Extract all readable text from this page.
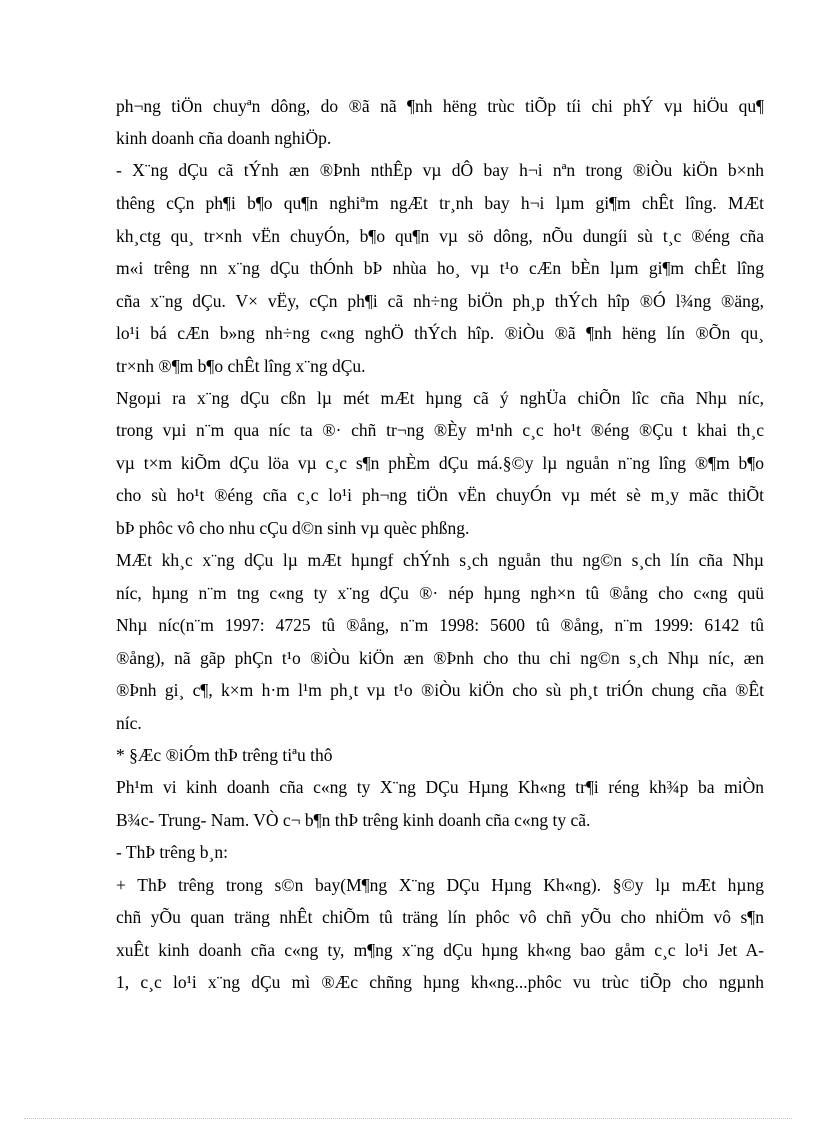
ph¬ng tiÖn chuyªn dông, do ®ã nã ¶nh hëng trùc tiÕp tíi chi phÝ vµ hiÖu qu¶
kinh doanh cña doanh nghiÖp.
- X¨ng dÇu cã tÝnh æn ®Þnh nthÊp vµ dÔ bay h¬i nªn trong ®iÒu kiÖn b×nh
thêng cÇn ph¶i b¶o qu¶n nghiªm ngÆt tr¸nh bay h¬i lµm gi¶m chÊt lîng. MÆt
kh¸ctg qu¸ tr×nh vËn chuyÓn, b¶o qu¶n vµ sö dông, nÕu dungíi sù t¸c ®éng cña
m«i trêng nn x¨ng dÇu thÓnh bÞ nhùa ho¸ vµ t¹o cÆn bÈn lµm gi¶m chÊt lîng
cña x¨ng dÇu. V× vËy, cÇn ph¶i cã nh÷ng biÖn ph¸p thÝch hîp ®Ó l¾ng ®äng,
lo¹i bá cÆn b»ng nh÷ng c«ng nghÖ thÝch hîp. ®iÒu ®ã ¶nh hëng lín ®Õn qu¸
tr×nh ®¶m b¶o chÊt lîng x¨ng dÇu.
Ngoµi ra x¨ng dÇu cßn lµ mét mÆt hµng cã ý nghÜa chiÕn lîc cña Nhµ níc,
trong vµi n¨m qua níc ta ®· chñ tr¬ng ®Èy m¹nh c¸c ho¹t ®éng ®Çu t khai th¸c
vµ t×m kiÕm dÇu löa vµ c¸c s¶n phÈm dÇu má.§©y lµ nguån n¨ng lîng ®¶m b¶o
cho sù ho¹t ®éng cña c¸c lo¹i ph¬ng tiÖn vËn chuyÓn vµ mét sè m¸y mãc thiÕt
bÞ phôc vô cho nhu cÇu d©n sinh vµ quèc phßng.
MÆt kh¸c x¨ng dÇu lµ mÆt hµngf chÝnh s¸ch nguån thu ng©n s¸ch lín cña Nhµ
níc, hµng n¨m tng c«ng ty x¨ng dÇu ®· nép hµng ngh×n tû ®ång cho c«ng quü
Nhµ níc(n¨m 1997: 4725 tû ®ång, n¨m 1998: 5600 tû ®ång, n¨m 1999: 6142 tû
®ång), nã gãp phÇn t¹o ®iÒu kiÖn æn ®Þnh cho thu chi ng©n s¸ch Nhµ níc, æn
®Þnh gi¸ c¶, k×m h·m l¹m ph¸t vµ t¹o ®iÒu kiÖn cho sù ph¸t triÓn chung cña ®Êt
níc.
* §Æc ®iÓm thÞ trêng tiªu thô
Ph¹m vi kinh doanh cña c«ng ty X¨ng DÇu Hµng Kh«ng tr¶i réng kh¾p ba miÒn
B¾c- Trung- Nam. VÒ c¬ b¶n thÞ trêng kinh doanh cña c«ng ty cã.
- ThÞ trêng b¸n:
+ ThÞ trêng trong s©n bay(M¶ng X¨ng DÇu Hµng Kh«ng). §©y lµ mÆt hµng
chñ yÕu quan träng nhÊt chiÕm tû träng lín phôc vô chñ yÕu cho nhiÖm vô s¶n
xuÊt kinh doanh cña c«ng ty, m¶ng x¨ng dÇu hµng kh«ng bao gåm c¸c lo¹i Jet A-
1, c¸c lo¹i x¨ng dÇu mì ®Æc chñng hµng kh«ng...phôc vu trùc tiÕp cho ngµnh
